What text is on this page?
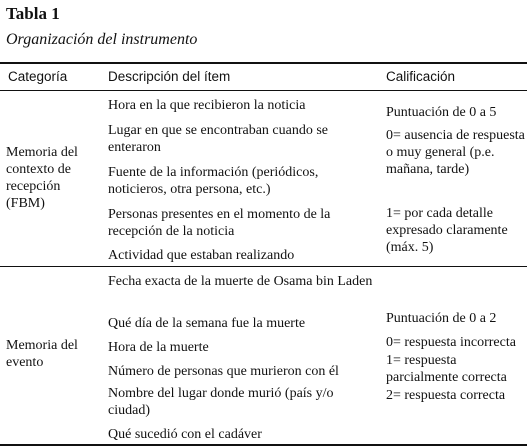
Tabla 1
Organización del instrumento
Categoría	Descripción del ítem	Calificación
Memoria del contexto de recepción (FBM)
Hora en la que recibieron la noticia
Lugar en que se encontraban cuando se enteraron
Fuente de la información (periódicos, noticieros, otra persona, etc.)
Personas presentes en el momento de la recepción de la noticia
Actividad que estaban realizando
Puntuación de 0 a 5
0= ausencia de respuesta o muy general (p.e. mañana, tarde)
1= por cada detalle expresado claramente (máx. 5)
Memoria del evento
Fecha exacta de la muerte de Osama bin Laden
Qué día de la semana fue la muerte
Hora de la muerte
Número de personas que murieron con él
Nombre del lugar donde murió (país y/o ciudad)
Qué sucedió con el cadáver
Puntuación de 0 a 2
0= respuesta incorrecta
1= respuesta parcialmente correcta
2= respuesta correcta
